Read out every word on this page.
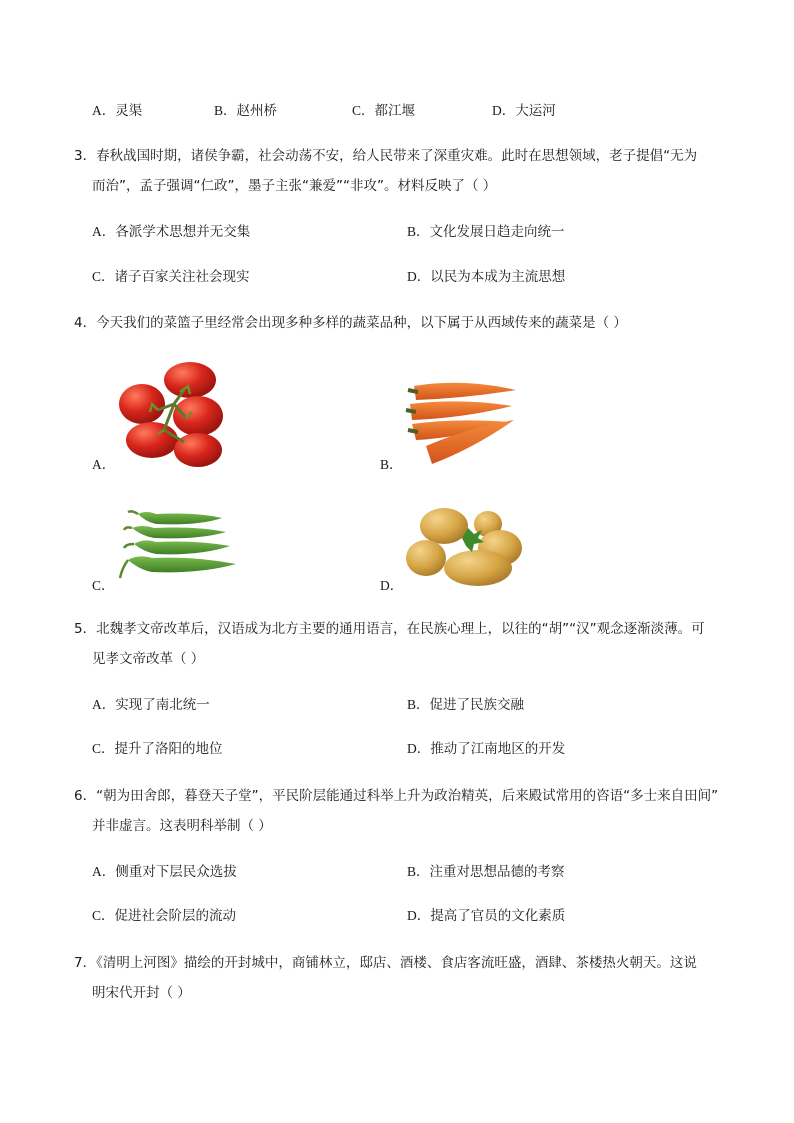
A．灵渠	B．赵州桥	C．都江堰	D．大运河
3．春秋战国时期，诸侯争霸，社会动荡不安，给人民带来了深重灾难。此时在思想领域，老子提倡“无为
而治”，孟子强调“仁政”，墨子主张“兼爱”“非攻”。材料反映了（ ）
A．各派学术思想并无交集	B．文化发展日趋走向统一
C．诸子百家关注社会现实	D．以民为本成为主流思想
4．今天我们的菜篮子里经常会出现多种多样的蔬菜品种，以下属于从西域传来的蔬菜是（ ）
A．	B．
C．	D．
5．北魏孝文帝改革后，汉语成为北方主要的通用语言，在民族心理上，以往的“胡”“汉”观念逐渐淡薄。可
见孝文帝改革（ ）
A．实现了南北统一	B．促进了民族交融
C．提升了洛阳的地位	D．推动了江南地区的开发
6．“朝为田舍郎，暮登天子堂”，平民阶层能通过科举上升为政治精英，后来殿试常用的咨语“多士来自田间”
并非虚言。这表明科举制（ ）
A．侧重对下层民众选拔	B．注重对思想品德的考察
C．促进社会阶层的流动	D．提高了官员的文化素质
7．《清明上河图》描绘的开封城中，商铺林立，邸店、酒楼、食店客流旺盛，酒肆、茶楼热火朝天。这说
明宋代开封（ ）
